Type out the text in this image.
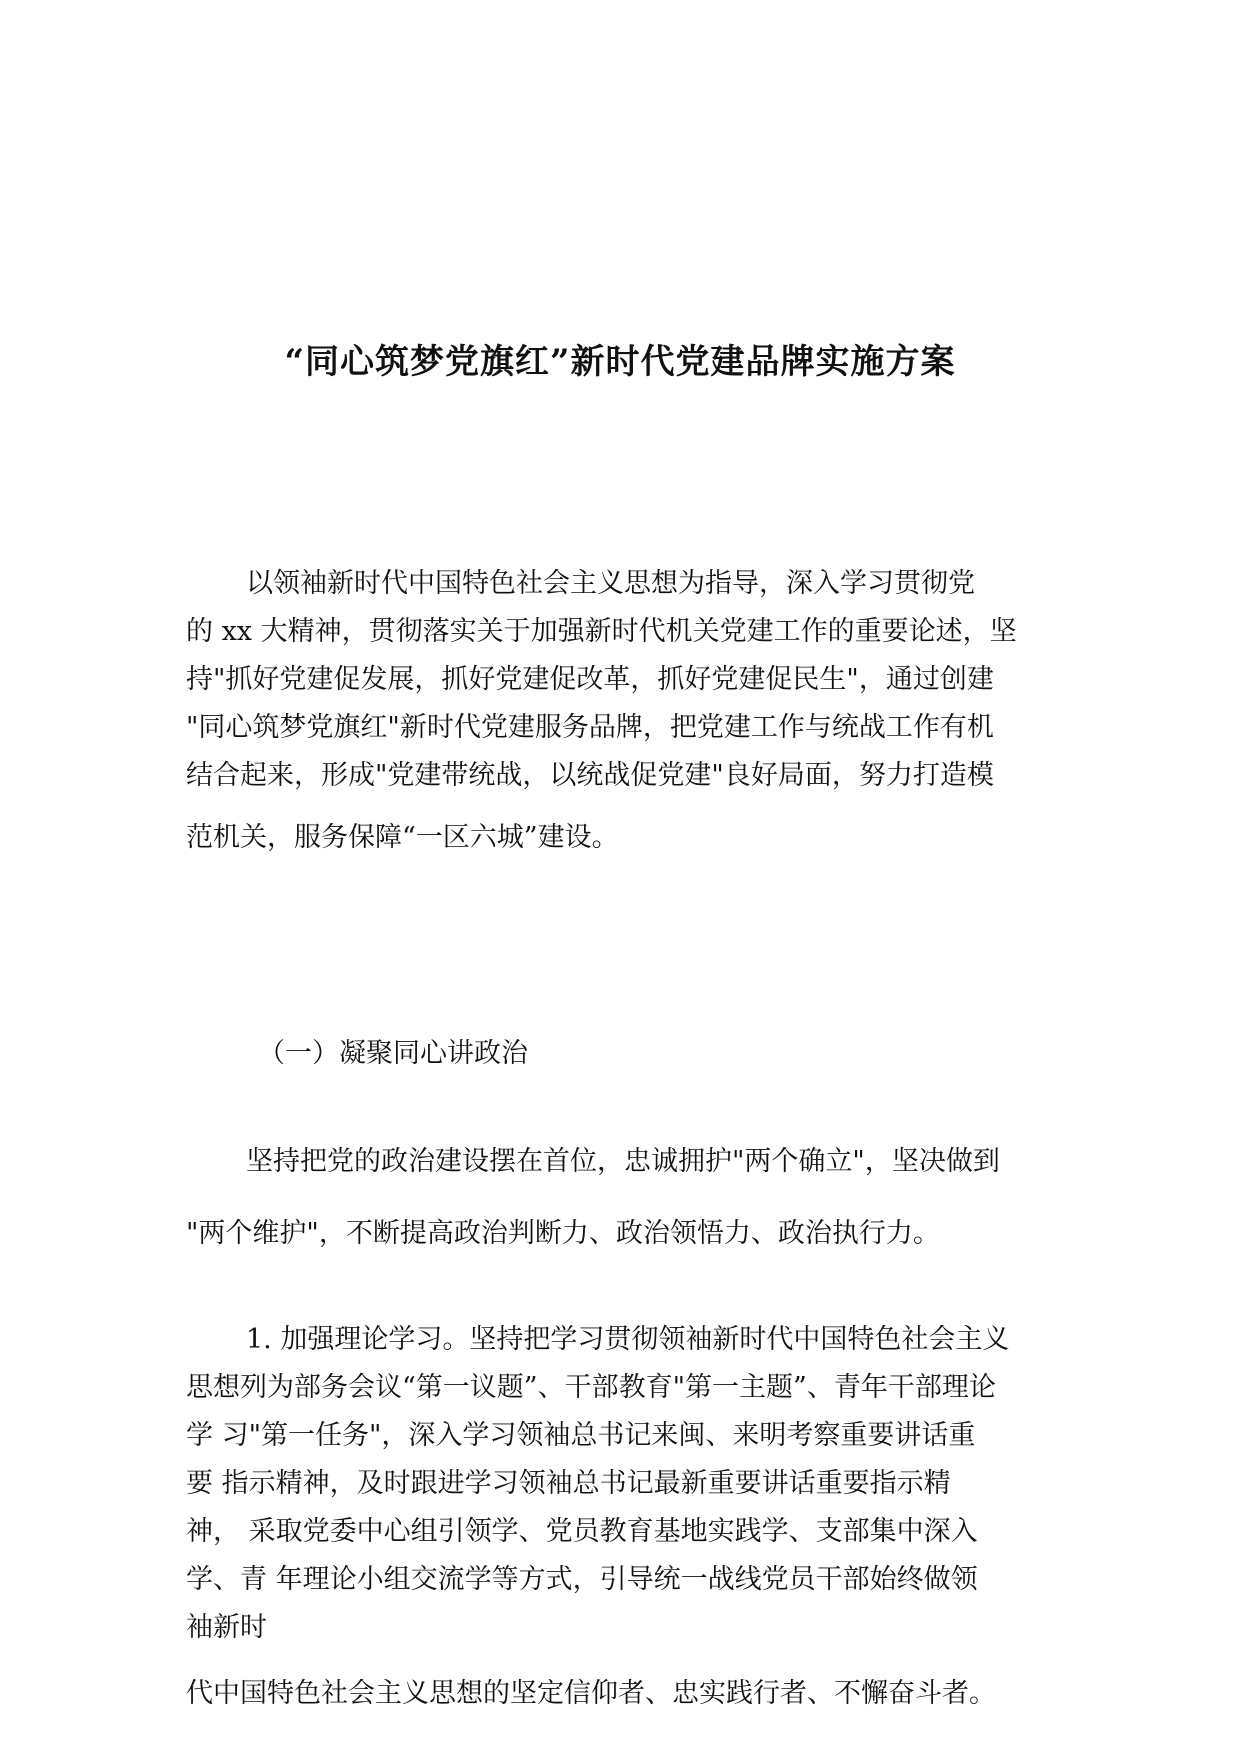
“同心筑梦党旗红”新时代党建品牌实施方案

以领袖新时代中国特色社会主义思想为指导，深入学习贯彻党

的 xx 大精神，贯彻落实关于加强新时代机关党建工作的重要论述，坚

持"抓好党建促发展，抓好党建促改革，抓好党建促民生"，通过创建

"同心筑梦党旗红"新时代党建服务品牌，把党建工作与统战工作有机

结合起来，形成"党建带统战，以统战促党建"良好局面，努力打造模

范机关，服务保障“一区六城”建设。

（一）凝聚同心讲政治

坚持把党的政治建设摆在首位，忠诚拥护"两个确立"，坚决做到

"两个维护"，不断提高政治判断力、政治领悟力、政治执行力。

1. 加强理论学习。坚持把学习贯彻领袖新时代中国特色社会主义

思想列为部务会议“第一议题”、干部教育"第一主题”、青年干部理论

学 习"第一任务"，深入学习领袖总书记来闽、来明考察重要讲话重

要 指示精神，及时跟进学习领袖总书记最新重要讲话重要指示精

神， 采取党委中心组引领学、党员教育基地实践学、支部集中深入

学、青 年理论小组交流学等方式，引导统一战线党员干部始终做领

袖新时

代中国特色社会主义思想的坚定信仰者、忠实践行者、不懈奋斗者。
